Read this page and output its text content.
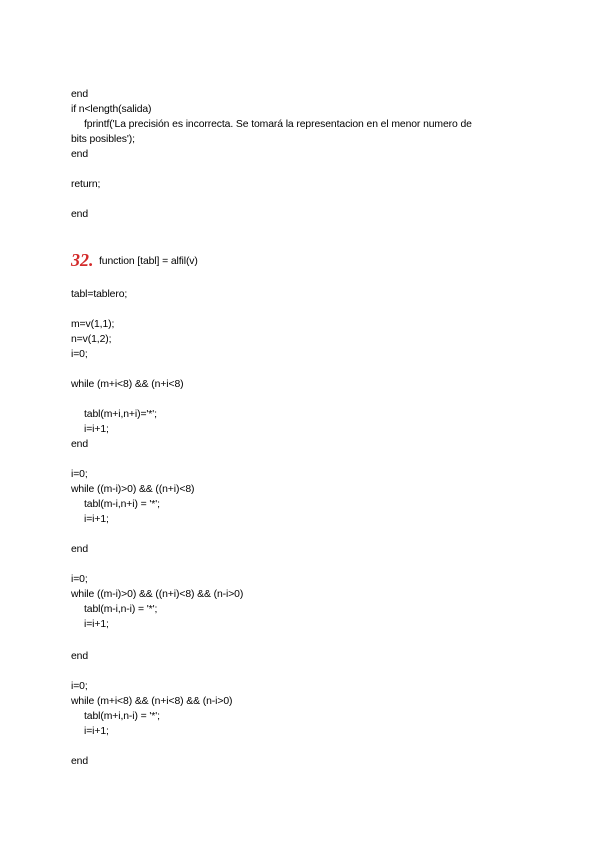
end
if n<length(salida)
fprintf('La precisión es incorrecta. Se tomará la representacion en el menor numero de
bits posibles');
end
return;
end
32. function [tabl] = alfil(v)
tabl=tablero;
m=v(1,1);
n=v(1,2);
i=0;
while (m+i<8) && (n+i<8)
tabl(m+i,n+i)='*';
i=i+1;
end
i=0;
while ((m-i)>0) && ((n+i)<8)
tabl(m-i,n+i) = '*';
i=i+1;
end
i=0;
while ((m-i)>0) && ((n+i)<8) && (n-i>0)
tabl(m-i,n-i) = '*';
i=i+1;
end
i=0;
while (m+i<8) && (n+i<8) && (n-i>0)
tabl(m+i,n-i) = '*';
i=i+1;
end
